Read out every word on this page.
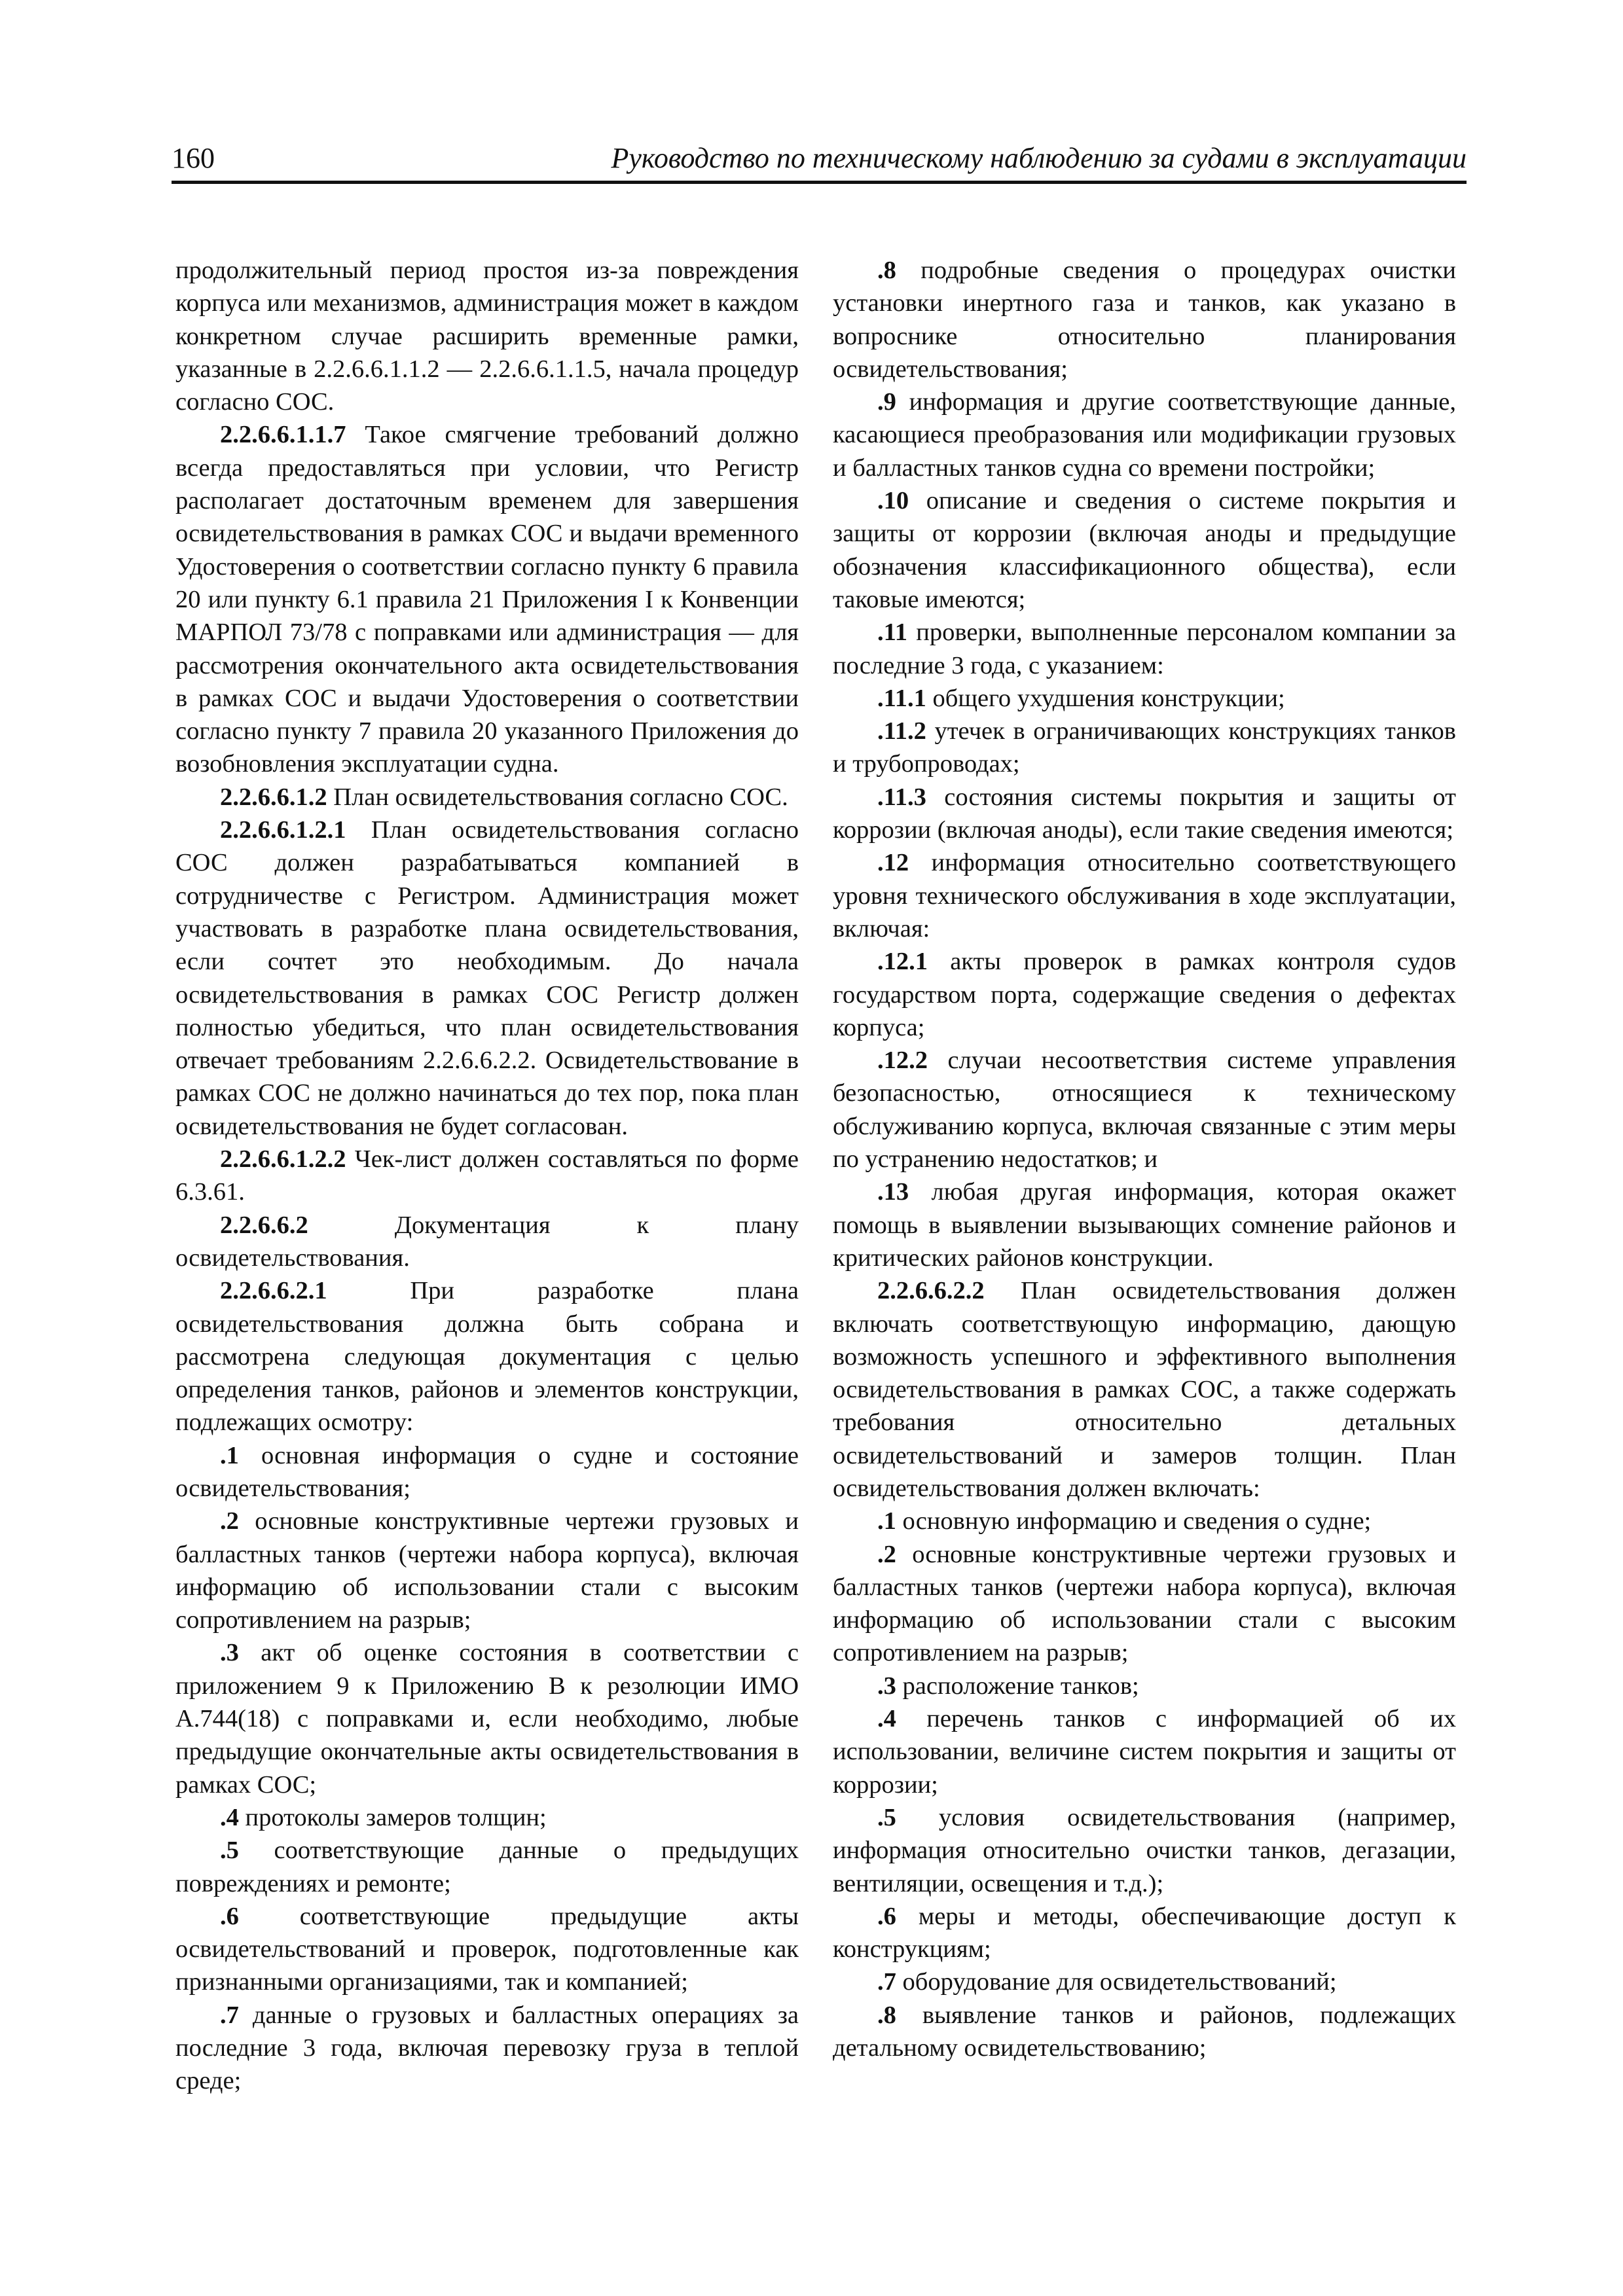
160	Руководство по техническому наблюдению за судами в эксплуатации

продолжительный период простоя из-за повреждения корпуса или механизмов, администрация может в каждом конкретном случае расширить временные рамки, указанные в 2.2.6.6.1.1.2 — 2.2.6.6.1.1.5, начала процедур согласно СОС.

2.2.6.6.1.1.7 Такое смягчение требований должно всегда предоставляться при условии, что Регистр располагает достаточным временем для завершения освидетельствования в рамках СОС и выдачи временного Удостоверения о соответствии согласно пункту 6 правила 20 или пункту 6.1 правила 21 Приложения I к Конвенции МАРПОЛ 73/78 с поправками или администрация — для рассмотрения окончательного акта освидетельствования в рамках СОС и выдачи Удостоверения о соответствии согласно пункту 7 правила 20 указанного Приложения до возобновления эксплуатации судна.

2.2.6.6.1.2 План освидетельствования согласно СОС.

2.2.6.6.1.2.1 План освидетельствования согласно СОС должен разрабатываться компанией в сотрудничестве с Регистром. Администрация может участвовать в разработке плана освидетельствования, если сочтет это необходимым. До начала освидетельствования в рамках СОС Регистр должен полностью убедиться, что план освидетельствования отвечает требованиям 2.2.6.6.2.2. Освидетельствование в рамках СОС не должно начинаться до тех пор, пока план освидетельствования не будет согласован.

2.2.6.6.1.2.2 Чек-лист должен составляться по форме 6.3.61.

2.2.6.6.2	Документация к плану освидетельствования.

2.2.6.6.2.1	При разработке плана освидетельствования должна быть собрана и рассмотрена следующая документация с целью определения танков, районов и элементов конструкции, подлежащих осмотру:

.1 основная информация о судне и состояние освидетельствования;

.2 основные конструктивные чертежи грузовых и балластных танков (чертежи набора корпуса), включая информацию об использовании стали с высоким сопротивлением на разрыв;

.3 акт об оценке состояния в соответствии с приложением 9 к Приложению В к резолюции ИМО А.744(18) с поправками и, если необходимо, любые предыдущие окончательные акты освидетельствования в рамках СОС;

.4 протоколы замеров толщин;

.5 соответствующие данные о предыдущих повреждениях и ремонте;

.6 соответствующие предыдущие акты освидетельствований и проверок, подготовленные как признанными организациями, так и компанией;

.7 данные о грузовых и балластных операциях за последние 3 года, включая перевозку груза в теплой среде;

.8 подробные сведения о процедурах очистки установки инертного газа и танков, как указано в вопроснике относительно планирования освидетельствования;

.9 информация и другие соответствующие данные, касающиеся преобразования или модификации грузовых и балластных танков судна со времени постройки;

.10 описание и сведения о системе покрытия и защиты от коррозии (включая аноды и предыдущие обозначения классификационного общества), если таковые имеются;

.11 проверки, выполненные персоналом компании за последние 3 года, с указанием:

.11.1 общего ухудшения конструкции;

.11.2 утечек в ограничивающих конструкциях танков и трубопроводах;

.11.3 состояния системы покрытия и защиты от коррозии (включая аноды), если такие сведения имеются;

.12 информация относительно соответствующего уровня технического обслуживания в ходе эксплуатации, включая:

.12.1 акты проверок в рамках контроля судов государством порта, содержащие сведения о дефектах корпуса;

.12.2 случаи несоответствия системе управления безопасностью, относящиеся к техническому обслуживанию корпуса, включая связанные с этим меры по устранению недостатков; и

.13 любая другая информация, которая окажет помощь в выявлении вызывающих сомнение районов и критических районов конструкции.

2.2.6.6.2.2 План освидетельствования должен включать соответствующую информацию, дающую возможность успешного и эффективного выполнения освидетельствования в рамках СОС, а также содержать требования относительно детальных освидетельствований и замеров толщин. План освидетельствования должен включать:

.1 основную информацию и сведения о судне;

.2 основные конструктивные чертежи грузовых и балластных танков (чертежи набора корпуса), включая информацию об использовании стали с высоким сопротивлением на разрыв;

.3 расположение танков;

.4 перечень танков с информацией об их использовании, величине систем покрытия и защиты от коррозии;

.5 условия освидетельствования (например, информация относительно очистки танков, дегазации, вентиляции, освещения и т.д.);

.6 меры и методы, обеспечивающие доступ к конструкциям;

.7 оборудование для освидетельствований;

.8 выявление танков и районов, подлежащих детальному освидетельствованию;
